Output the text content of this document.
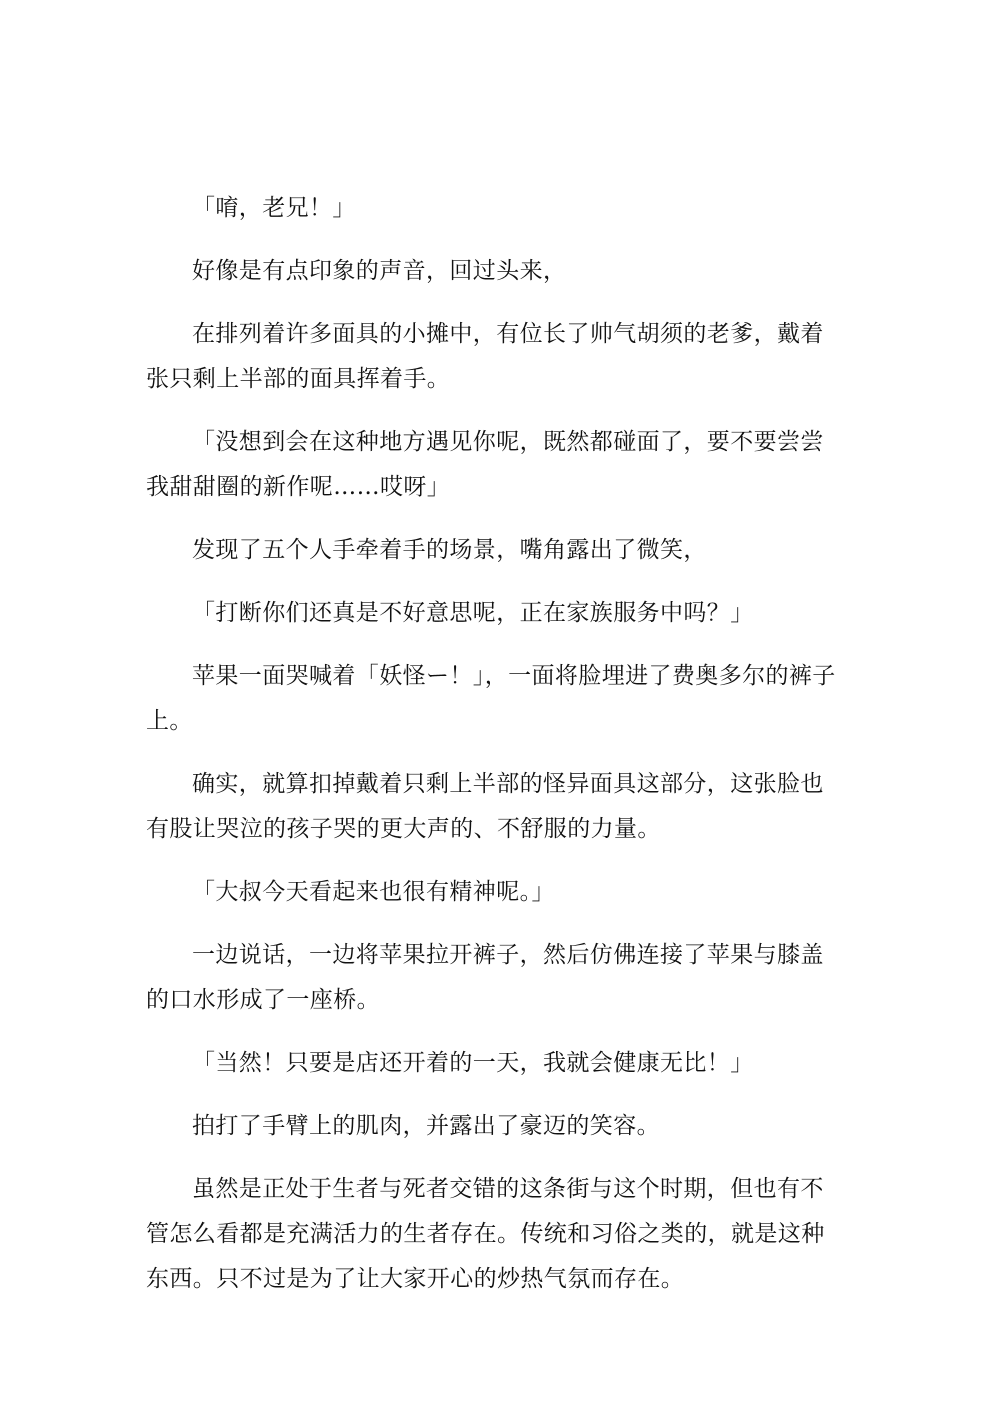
「唷，老兄！」

好像是有点印象的声音，回过头来，

在排列着许多面具的小摊中，有位长了帅气胡须的老爹，戴着张只剩上半部的面具挥着手。

「没想到会在这种地方遇见你呢，既然都碰面了，要不要尝尝我甜甜圈的新作呢……哎呀」

发现了五个人手牵着手的场景，嘴角露出了微笑，

「打断你们还真是不好意思呢，正在家族服务中吗？」

苹果一面哭喊着「妖怪ー！」，一面将脸埋进了费奥多尔的裤子上。

确实，就算扣掉戴着只剩上半部的怪异面具这部分，这张脸也有股让哭泣的孩子哭的更大声的、不舒服的力量。

「大叔今天看起来也很有精神呢。」

一边说话，一边将苹果拉开裤子，然后仿佛连接了苹果与膝盖的口水形成了一座桥。

「当然！只要是店还开着的一天，我就会健康无比！」

拍打了手臂上的肌肉，并露出了豪迈的笑容。

虽然是正处于生者与死者交错的这条街与这个时期，但也有不管怎么看都是充满活力的生者存在。传统和习俗之类的，就是这种东西。只不过是为了让大家开心的炒热气氛而存在。
